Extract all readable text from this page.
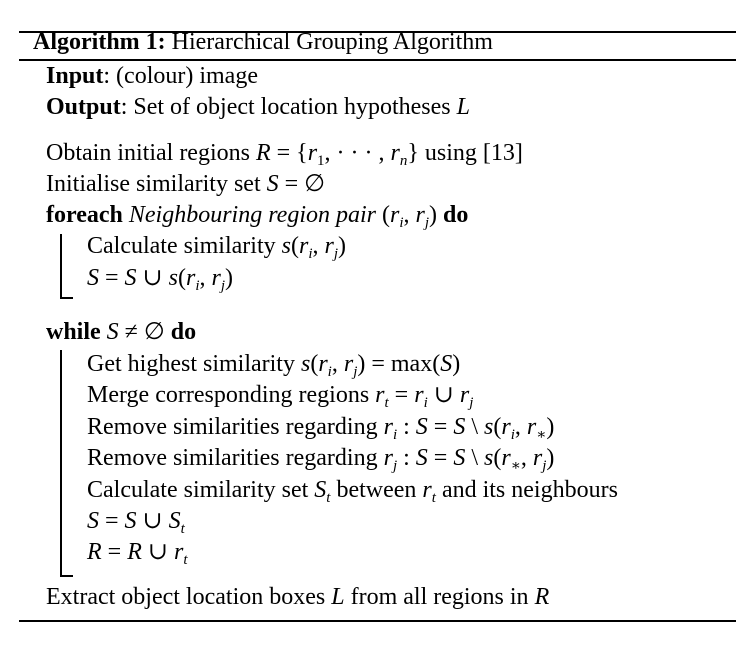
Algorithm 1: Hierarchical Grouping Algorithm
Input: (colour) image
Output: Set of object location hypotheses L
Obtain initial regions $R = \{r_1$, · · · , $r_n$} using [13]
Initialise similarity set S = ∅
foreach Neighbouring region pair ($r_i$, $r_j$) do
Calculate similarity $s(r_i$, $r_j$)
S = S ∪ $s(r_i$, $r_j$)
while S ≠ ∅ do
Get highest similarity $s(r_i$, $r_j) = \max(S)$
Merge corresponding regions $r_t = r_i$ ∪ $r_j$
Remove similarities regarding $r_i$ : S = S \ $s(r_i$, $r_∗$)
Remove similarities regarding $r_j$ : S = S \ $s(r_∗$, $r_j$)
Calculate similarity set $S_t$ between $r_t$ and its neighbours
S = S ∪ $S_t$
R = R ∪ $r_t$
Extract object location boxes L from all regions in R
